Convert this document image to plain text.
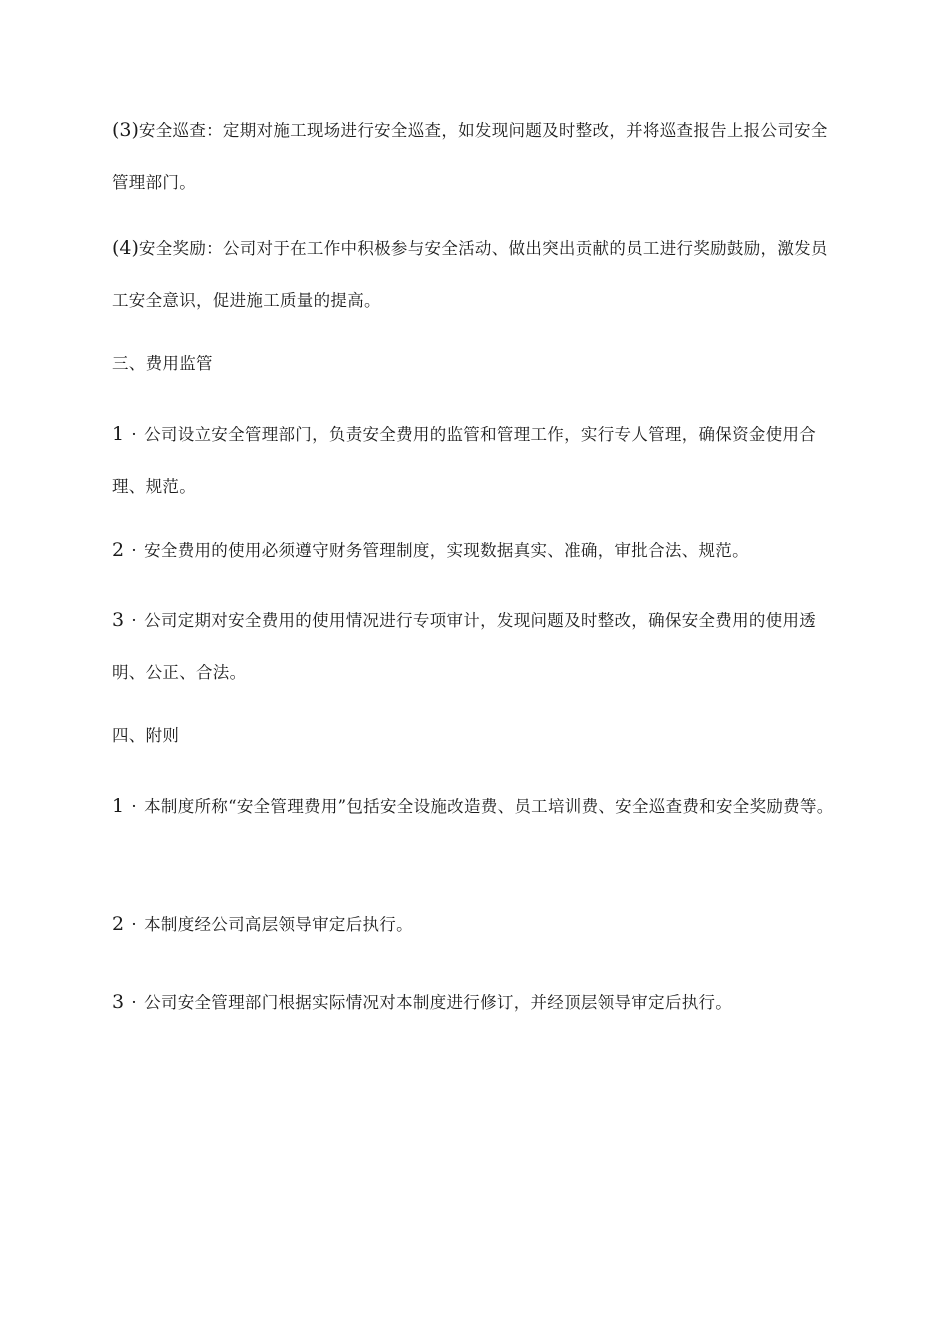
(3)安全巡查：定期对施工现场进行安全巡查，如发现问题及时整改，并将巡查报告上报公司安全管理部门。

(4)安全奖励：公司对于在工作中积极参与安全活动、做出突出贡献的员工进行奖励鼓励，激发员工安全意识，促进施工质量的提高。

三、费用监管

1 · 公司设立安全管理部门，负责安全费用的监管和管理工作，实行专人管理，确保资金使用合理、规范。

2 · 安全费用的使用必须遵守财务管理制度，实现数据真实、准确，审批合法、规范。

3 · 公司定期对安全费用的使用情况进行专项审计，发现问题及时整改，确保安全费用的使用透明、公正、合法。

四、附则

1 · 本制度所称“安全管理费用”包括安全设施改造费、员工培训费、安全巡查费和安全奖励费等。

2 · 本制度经公司高层领导审定后执行。

3 · 公司安全管理部门根据实际情况对本制度进行修订，并经顶层领导审定后执行。
